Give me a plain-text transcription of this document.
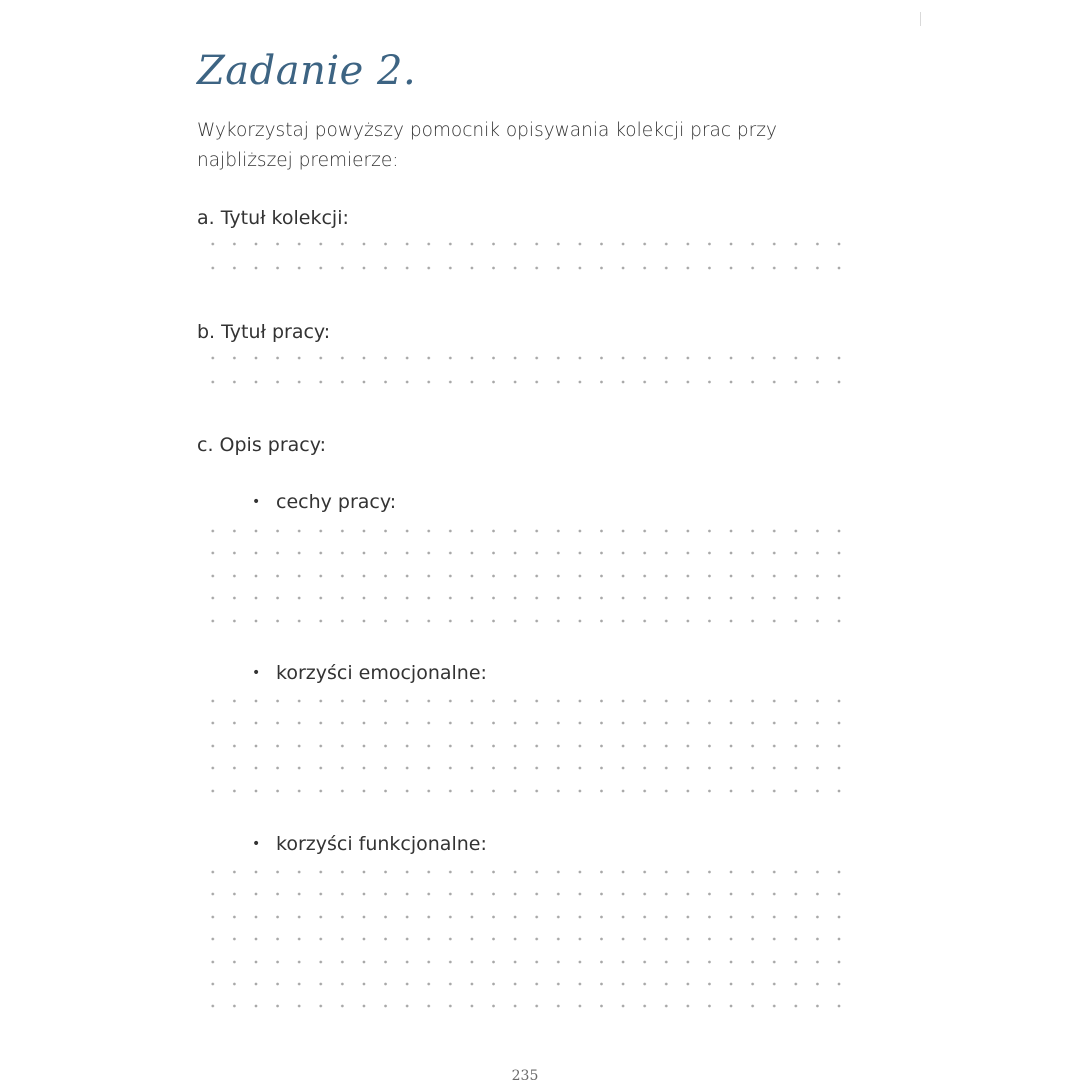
Zadanie 2.

Wykorzystaj powyższy pomocnik opisywania kolekcji prac przy najbliższej premierze:

a. Tytuł kolekcji:

b. Tytuł pracy:

c. Opis pracy:

• cechy pracy:

• korzyści emocjonalne:

• korzyści funkcjonalne:

235
